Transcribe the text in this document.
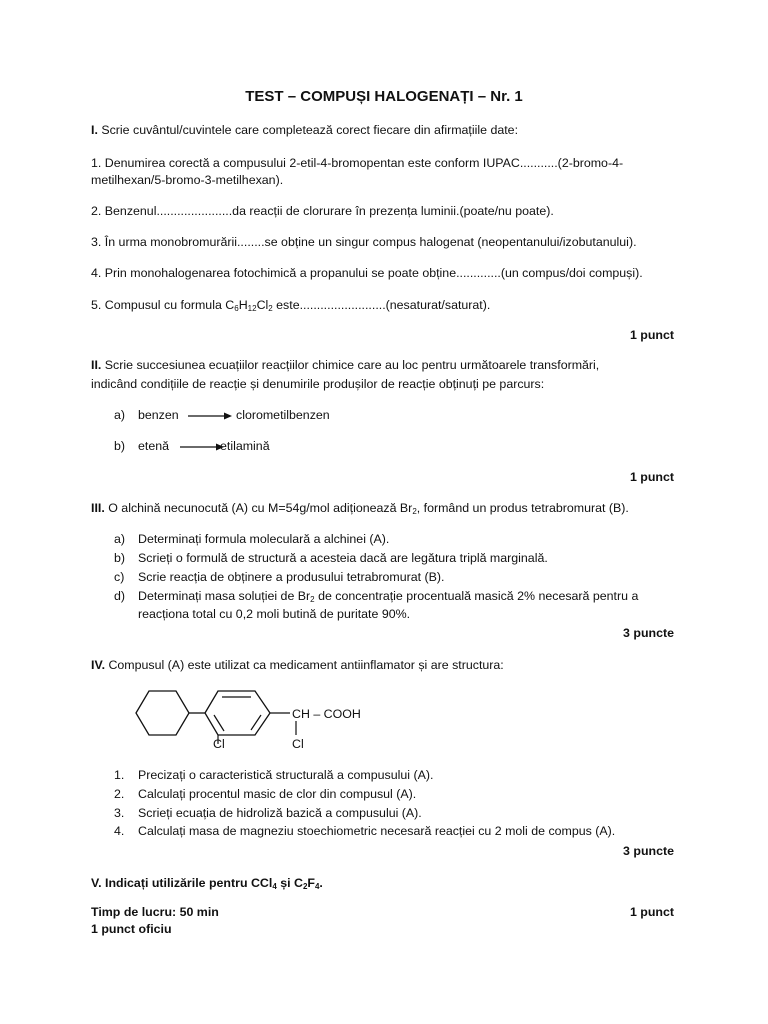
TEST – COMPUȘI HALOGENAȚI – Nr. 1
I. Scrie cuvântul/cuvintele care completează corect fiecare din afirmațiile date:
1. Denumirea corectă a compusului 2-etil-4-bromopentan este conform IUPAC...........(2-bromo-4-
metilhexan/5-bromo-3-metilhexan).
2. Benzenul......................da reacții de clorurare în prezența luminii.(poate/nu poate).
3. În urma monobromurării........se obține un singur compus halogenat (neopentanului/izobutanului).
4. Prin monohalogenarea fotochimică a propanului se poate obține.............(un compus/doi compuși).
5. Compusul cu formula $C_6H_{12}Cl_2$ este.........................(nesaturat/saturat).
1 punct
II. Scrie succesiunea ecuațiilor reacțiilor chimice care au loc pentru următoarele transformări,
indicând condițiile de reacție și denumirile produșilor de reacție obținuți pe parcurs:
a) benzen → clorometilbenzen
b) etenă →
etilamină
1 punct
III. O alchină necunocută (A) cu M=54g/mol adiționează $Br_2$, formând un produs tetrabromurat (B).
a) Determinați formula moleculară a alchinei (A).
b) Scrieți o formulă de structură a acesteia dacă are legătura triplă marginală.
c) Scrie reacția de obținere a produsului tetrabromurat (B).
d) Determinați masa soluției de $Br_2$ de concentrație procentuală masică 2% necesară pentru a
reacționa total cu 0,2 moli butină de puritate 90%.
3 puncte
IV. Compusul (A) este utilizat ca medicament antiinflamator și are structura:
CH – COOH
Cl	Cl
1. Precizați o caracteristică structurală a compusului (A).
2. Calculați procentul masic de clor din compusul (A).
3. Scrieți ecuația de hidroliză bazică a compusului (A).
4. Calculați masa de magneziu stoechiometric necesară reacției cu 2 moli de compus (A).
3 puncte
V. Indicați utilizările pentru CCl$_4$ și $C_2F_4$.
Timp de lucru: 50 min	1 punct
1 punct oficiu
